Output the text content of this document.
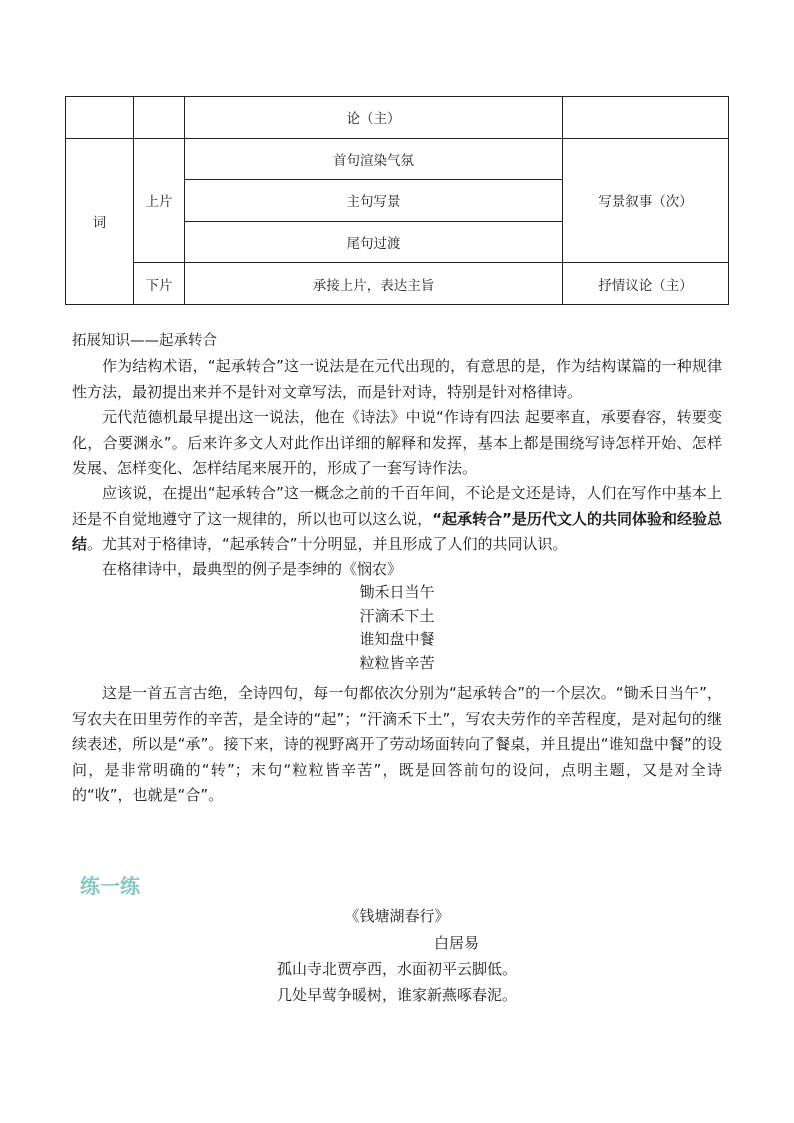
		论（主）	
词	上片	首句渲染气氛	写景叙事（次）
		主句写景	
		尾句过渡	
	下片	承接上片，表达主旨	抒情议论（主）
拓展知识——起承转合

作为结构术语，“起承转合”这一说法是在元代出现的，有意思的是，作为结构谋篇的一种规律性方法，最初提出来并不是针对文章写法，而是针对诗，特别是针对格律诗。

元代范德机最早提出这一说法，他在《诗法》中说“作诗有四法 起要率直，承要舂容，转要变化，合要渊永”。后来许多文人对此作出详细的解释和发挥，基本上都是围绕写诗怎样开始、怎样发展、怎样变化、怎样结尾来展开的，形成了一套写诗作法。

应该说，在提出“起承转合”这一概念之前的千百年间，不论是文还是诗，人们在写作中基本上还是不自觉地遵守了这一规律的，所以也可以这么说，“起承转合”是历代文人的共同体验和经验总结。尤其对于格律诗，“起承转合”十分明显，并且形成了人们的共同认识。

在格律诗中，最典型的例子是李绅的《悯农》

锄禾日当午
汗滴禾下土
谁知盘中餐
粒粒皆辛苦

这是一首五言古绝，全诗四句，每一句都依次分别为“起承转合”的一个层次。“锄禾日当午”，写农夫在田里劳作的辛苦，是全诗的“起”；“汗滴禾下土”，写农夫劳作的辛苦程度，是对起句的继续表述，所以是“承”。接下来，诗的视野离开了劳动场面转向了餐桌，并且提出“谁知盘中餐”的设问，是非常明确的“转”；末句“粒粒皆辛苦”，既是回答前句的设问，点明主题，又是对全诗的“收”，也就是“合”。

练一练
《钱塘湖春行》
白居易
孤山寺北贾亭西，水面初平云脚低。
几处早莺争暖树，谁家新燕啄春泥。
